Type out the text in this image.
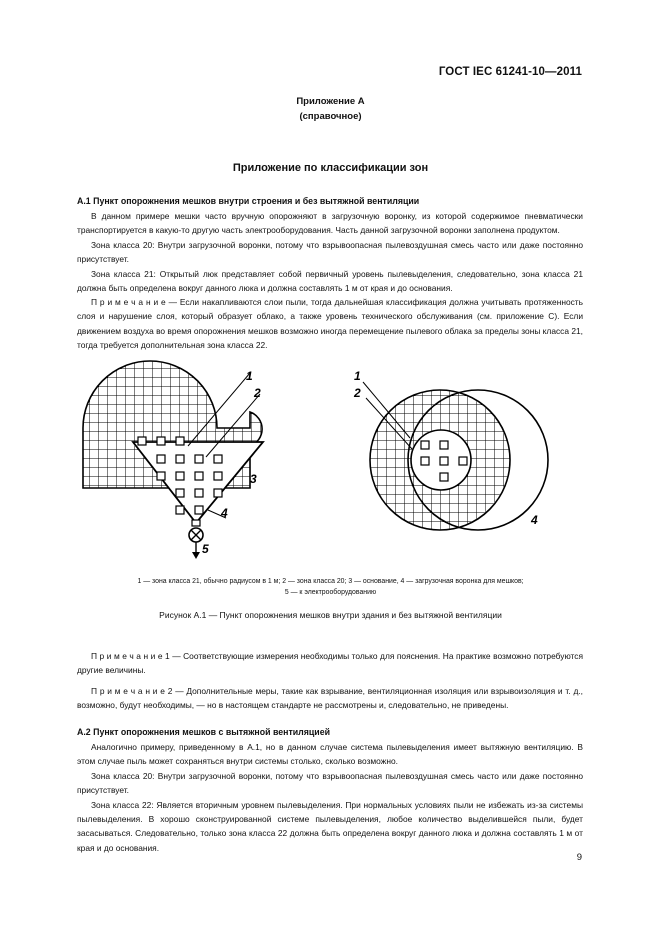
ГОСТ IEC 61241-10—2011
Приложение А
(справочное)
Приложение по классификации зон
A.1 Пункт опорожнения мешков внутри строения и без вытяжной вентиляции

В данном примере мешки часто вручную опорожняют в загрузочную воронку, из которой содержимое пневматически транспортируется в какую-то другую часть электрооборудования. Часть данной загрузочной воронки заполнена продуктом.

Зона класса 20: Внутри загрузочной воронки, потому что взрывоопасная пылевоздушная смесь часто или даже постоянно присутствует.

Зона класса 21: Открытый люк представляет собой первичный уровень пылевыделения, следовательно, зона класса 21 должна быть определена вокруг данного люка и должна составлять 1 м от края и до основания.

П р и м е ч а н и е — Если накапливаются слои пыли, тогда дальнейшая классификация должна учитывать протяженность слоя и нарушение слоя, который образует облако, а также уровень технического обслуживания (см. приложение C). Если движением воздуха во время опорожнения мешков возможно иногда перемещение пылевого облака за пределы зоны класса 21, тогда требуется дополнительная зона класса 22.

1
2
3
4
5
1
2
4
1 — зона класса 21, обычно радиусом в 1 м; 2 — зона класса 20; 3 — основание, 4 — загрузочная воронка для мешков;
5 — к электрооборудованию
Рисунок А.1 — Пункт опорожнения мешков внутри здания и без вытяжной вентиляции

П р и м е ч а н и е 1 — Соответствующие измерения необходимы только для пояснения. На практике возможно потребуются другие величины.

П р и м е ч а н и е 2 — Дополнительные меры, такие как взрывание, вентиляционная изоляция или взрывоизоляция и т. д., возможно, будут необходимы, — но в настоящем стандарте не рассмотрены и, следовательно, не приведены.

A.2 Пункт опорожнения мешков с вытяжной вентиляцией

Аналогично примеру, приведенному в А.1, но в данном случае система пылевыделения имеет вытяжную вентиляцию. В этом случае пыль может сохраняться внутри системы столько, сколько возможно.

Зона класса 20: Внутри загрузочной воронки, потому что взрывоопасная пылевоздушная смесь часто или даже постоянно присутствует.

Зона класса 22: Является вторичным уровнем пылевыделения. При нормальных условиях пыли не избежать из-за системы пылевыделения. В хорошо сконструированной системе пылевыделения, любое количество выделившейся пыли, будет засасываться. Следовательно, только зона класса 22 должна быть определена вокруг данного люка и должна составлять 1 м от края и до основания.

9
